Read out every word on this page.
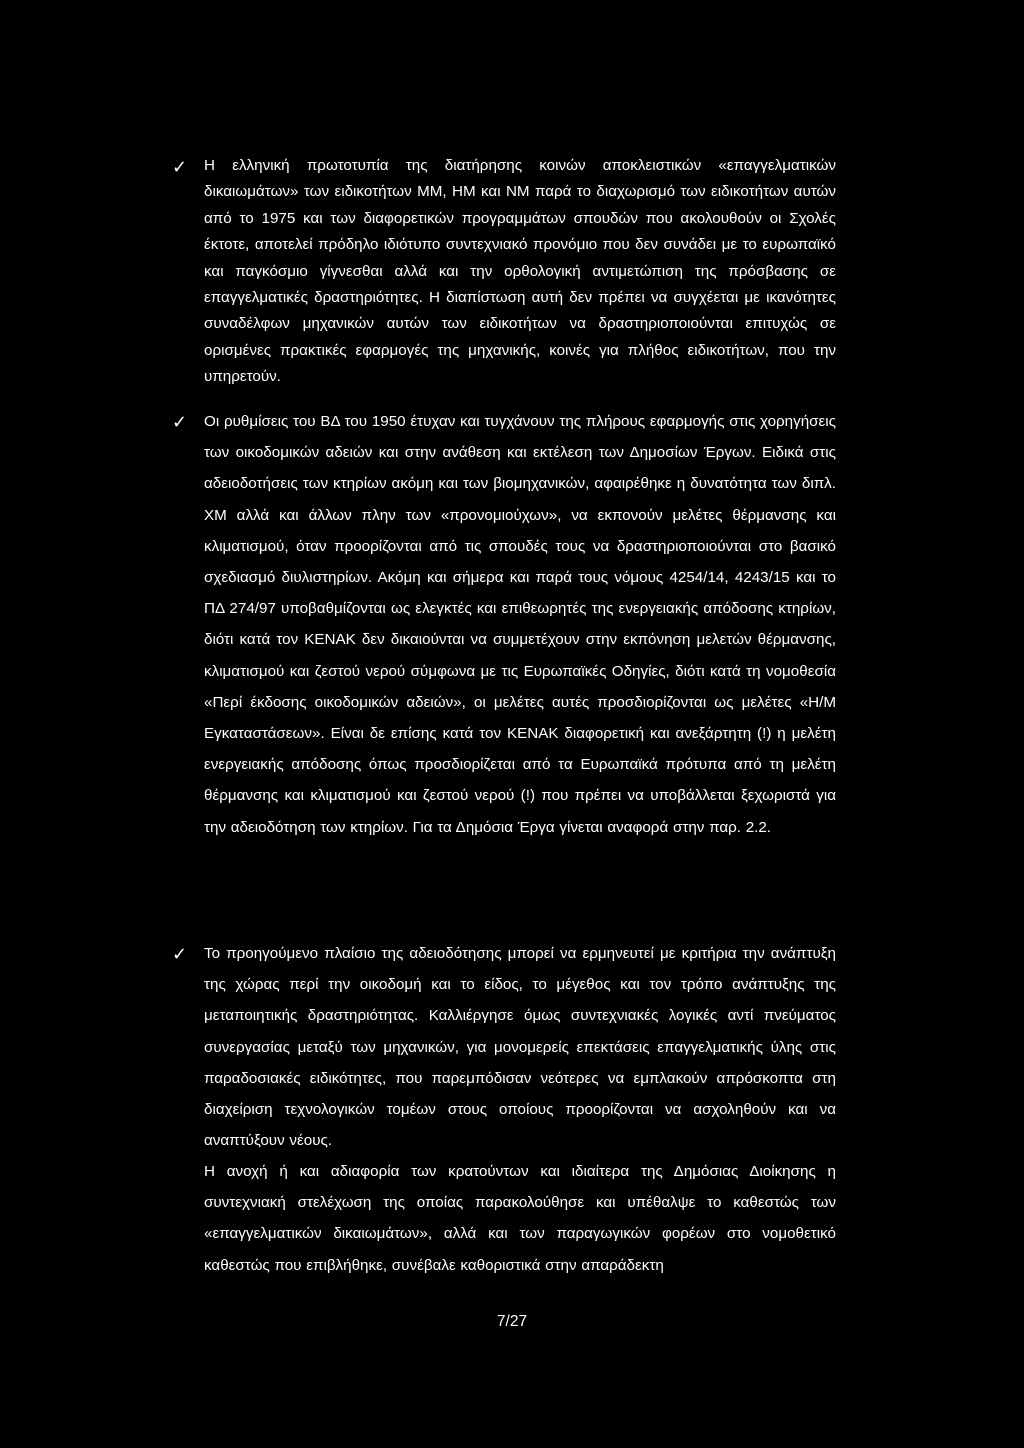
✓ Η ελληνική πρωτοτυπία της διατήρησης κοινών αποκλειστικών «επαγγελματικών δικαιωμάτων» των ειδικοτήτων ΜΜ, ΗΜ και ΝΜ παρά το διαχωρισμό των ειδικοτήτων αυτών από το 1975 και των διαφορετικών προγραμμάτων σπουδών που ακολουθούν οι Σχολές έκτοτε, αποτελεί πρόδηλο ιδιότυπο συντεχνιακό προνόμιο που δεν συνάδει με το ευρωπαϊκό και παγκόσμιο γίγνεσθαι αλλά και την ορθολογική αντιμετώπιση της πρόσβασης σε επαγγελματικές δραστηριότητες. Η διαπίστωση αυτή δεν πρέπει να συγχέεται με ικανότητες συναδέλφων μηχανικών αυτών των ειδικοτήτων να δραστηριοποιούνται επιτυχώς σε ορισμένες πρακτικές εφαρμογές της μηχανικής, κοινές για πλήθος ειδικοτήτων, που την υπηρετούν.

✓ Οι ρυθμίσεις του ΒΔ του 1950 έτυχαν και τυγχάνουν της πλήρους εφαρμογής στις χορηγήσεις των οικοδομικών αδειών και στην ανάθεση και εκτέλεση των Δημοσίων Έργων. Ειδικά στις αδειοδοτήσεις των κτηρίων ακόμη και των βιομηχανικών, αφαιρέθηκε η δυνατότητα των διπλ. ΧΜ αλλά και άλλων πλην των «προνομιούχων», να εκπονούν μελέτες θέρμανσης και κλιματισμού, όταν προορίζονται από τις σπουδές τους να δραστηριοποιούνται στο βασικό σχεδιασμό διυλιστηρίων. Ακόμη και σήμερα και παρά τους νόμους 4254/14, 4243/15 και το ΠΔ 274/97 υποβαθμίζονται ως ελεγκτές και επιθεωρητές της ενεργειακής απόδοσης κτηρίων, διότι κατά τον ΚΕΝΑΚ δεν δικαιούνται να συμμετέχουν στην εκπόνηση μελετών θέρμανσης, κλιματισμού και ζεστού νερού σύμφωνα με τις Ευρωπαϊκές Οδηγίες, διότι κατά τη νομοθεσία «Περί έκδοσης οικοδομικών αδειών», οι μελέτες αυτές προσδιορίζονται ως μελέτες «Η/Μ Εγκαταστάσεων». Είναι δε επίσης κατά τον ΚΕΝΑΚ διαφορετική και ανεξάρτητη (!) η μελέτη ενεργειακής απόδοσης όπως προσδιορίζεται από τα Ευρωπαϊκά πρότυπα από τη μελέτη θέρμανσης και κλιματισμού και ζεστού νερού (!) που πρέπει να υποβάλλεται ξεχωριστά για την αδειοδότηση των κτηρίων. Για τα Δημόσια Έργα γίνεται αναφορά στην παρ. 2.2.

✓ Το προηγούμενο πλαίσιο της αδειοδότησης μπορεί να ερμηνευτεί με κριτήρια την ανάπτυξη της χώρας περί την οικοδομή και το είδος, το μέγεθος και τον τρόπο ανάπτυξης της μεταποιητικής δραστηριότητας. Καλλιέργησε όμως συντεχνιακές λογικές αντί πνεύματος συνεργασίας μεταξύ των μηχανικών, για μονομερείς επεκτάσεις επαγγελματικής ύλης στις παραδοσιακές ειδικότητες, που παρεμπόδισαν νεότερες να εμπλακούν απρόσκοπτα στη διαχείριση τεχνολογικών τομέων στους οποίους προορίζονται να ασχοληθούν και να αναπτύξουν νέους.

Η ανοχή ή και αδιαφορία των κρατούντων και ιδιαίτερα της Δημόσιας Διοίκησης η συντεχνιακή στελέχωση της οποίας παρακολούθησε και υπέθαλψε το καθεστώς των «επαγγελματικών δικαιωμάτων», αλλά και των παραγωγικών φορέων στο νομοθετικό καθεστώς που επιβλήθηκε, συνέβαλε καθοριστικά στην απαράδεκτη

7/27
